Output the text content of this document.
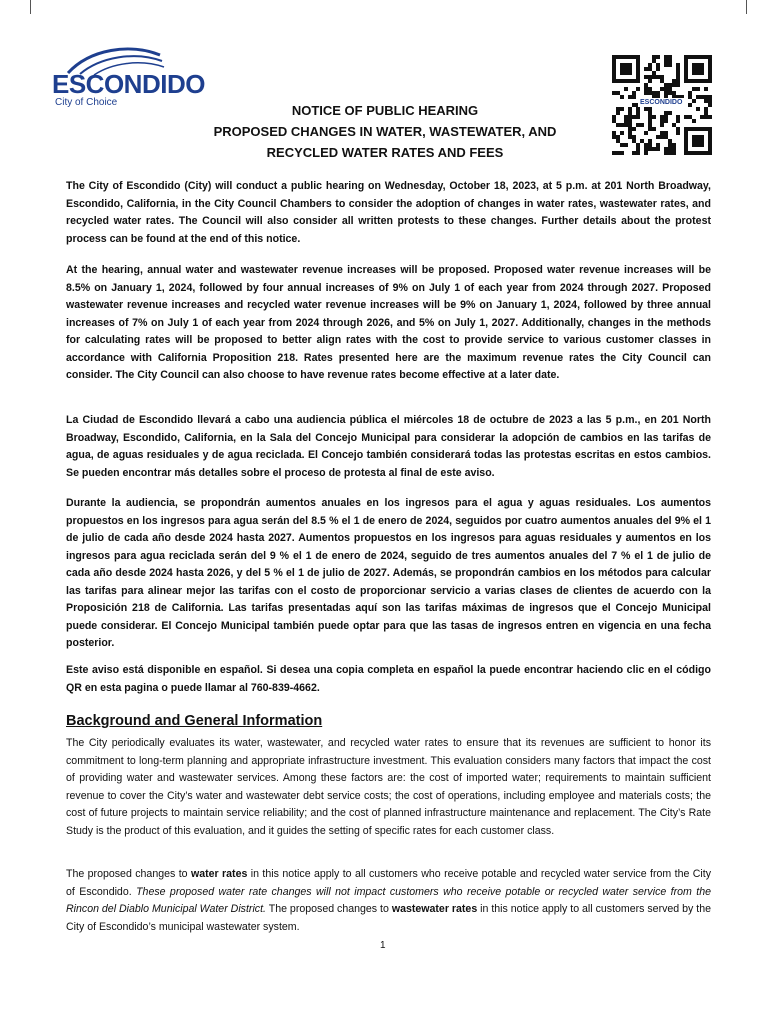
ESCONDIDO
City of Choice
NOTICE OF PUBLIC HEARING
PROPOSED CHANGES IN WATER, WASTEWATER, AND
RECYCLED WATER RATES AND FEES
ESCONDIDO

The City of Escondido (City) will conduct a public hearing on Wednesday, October 18, 2023, at 5 p.m. at 201 North Broadway, Escondido, California, in the City Council Chambers to consider the adoption of changes in water rates, wastewater rates, and recycled water rates. The Council will also consider all written protests to these changes. Further details about the protest process can be found at the end of this notice.

At the hearing, annual water and wastewater revenue increases will be proposed. Proposed water revenue increases will be 8.5% on January 1, 2024, followed by four annual increases of 9% on July 1 of each year from 2024 through 2027. Proposed wastewater revenue increases and recycled water revenue increases will be 9% on January 1, 2024, followed by three annual increases of 7% on July 1 of each year from 2024 through 2026, and 5% on July 1, 2027. Additionally, changes in the methods for calculating rates will be proposed to better align rates with the cost to provide service to various customer classes in accordance with California Proposition 218. Rates presented here are the maximum revenue rates the City Council can consider. The City Council can also choose to have revenue rates become effective at a later date.

La Ciudad de Escondido llevará a cabo una audiencia pública el miércoles 18 de octubre de 2023 a las 5 p.m., en 201 North Broadway, Escondido, California, en la Sala del Concejo Municipal para considerar la adopción de cambios en las tarifas de agua, de aguas residuales y de agua reciclada. El Concejo también considerará todas las protestas escritas en estos cambios. Se pueden encontrar más detalles sobre el proceso de protesta al final de este aviso.

Durante la audiencia, se propondrán aumentos anuales en los ingresos para el agua y aguas residuales. Los aumentos propuestos en los ingresos para agua serán del 8.5 % el 1 de enero de 2024, seguidos por cuatro aumentos anuales del 9% el 1 de julio de cada año desde 2024 hasta 2027. Aumentos propuestos en los ingresos para aguas residuales y aumentos en los ingresos para agua reciclada serán del 9 % el 1 de enero de 2024, seguido de tres aumentos anuales del 7 % el 1 de julio de cada año desde 2024 hasta 2026, y del 5 % el 1 de julio de 2027. Además, se propondrán cambios en los métodos para calcular las tarifas para alinear mejor las tarifas con el costo de proporcionar servicio a varias clases de clientes de acuerdo con la Proposición 218 de California. Las tarifas presentadas aquí son las tarifas máximas de ingresos que el Concejo Municipal puede considerar. El Concejo Municipal también puede optar para que las tasas de ingresos entren en vigencia en una fecha posterior.

Este aviso está disponible en español. Si desea una copia completa en español la puede encontrar haciendo clic en el código QR en esta pagina o puede llamar al 760-839-4662.

Background and General Information

The City periodically evaluates its water, wastewater, and recycled water rates to ensure that its revenues are sufficient to honor its commitment to long-term planning and appropriate infrastructure investment. This evaluation considers many factors that impact the cost of providing water and wastewater services. Among these factors are: the cost of imported water; requirements to maintain sufficient revenue to cover the City’s water and wastewater debt service costs; the cost of operations, including employee and materials costs; the cost of future projects to maintain service reliability; and the cost of planned infrastructure maintenance and replacement. The City’s Rate Study is the product of this evaluation, and it guides the setting of specific rates for each customer class.

The proposed changes to water rates in this notice apply to all customers who receive potable and recycled water service from the City of Escondido. These proposed water rate changes will not impact customers who receive potable or recycled water service from the Rincon del Diablo Municipal Water District. The proposed changes to wastewater rates in this notice apply to all customers served by the City of Escondido’s municipal wastewater system.

1
